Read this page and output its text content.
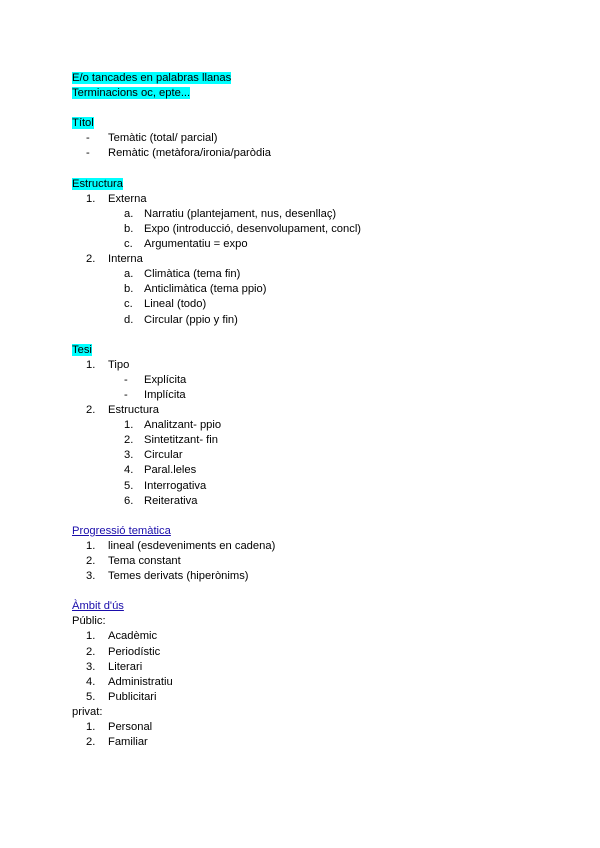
E/o tancades en palabras llanas
Terminacions oc, epte...
Títol
-	Temàtic (total/ parcial)
-	Remàtic (metàfora/ironia/paròdia
Estructura
1. Externa
a. Narratiu (plantejament, nus, desenllaç)
b. Expo (introducció, desenvolupament, concl)
c. Argumentatiu = expo
2. Interna
a. Climàtica (tema fin)
b. Anticlimàtica (tema ppio)
c. Lineal (todo)
d. Circular (ppio y fin)
Tesi
1. Tipo
-	Explícita
-	Implícita
2. Estructura
1. Analitzant- ppio
2. Sintetitzant- fin
3. Circular
4. Paral.leles
5. Interrogativa
6. Reiterativa
Progressió temàtica
1. lineal (esdeveniments en cadena)
2. Tema constant
3. Temes derivats (hiperònims)
Àmbit d'ús
Públic:
1. Acadèmic
2. Periodístic
3. Literari
4. Administratiu
5. Publicitari
privat:
1. Personal
2. Familiar
